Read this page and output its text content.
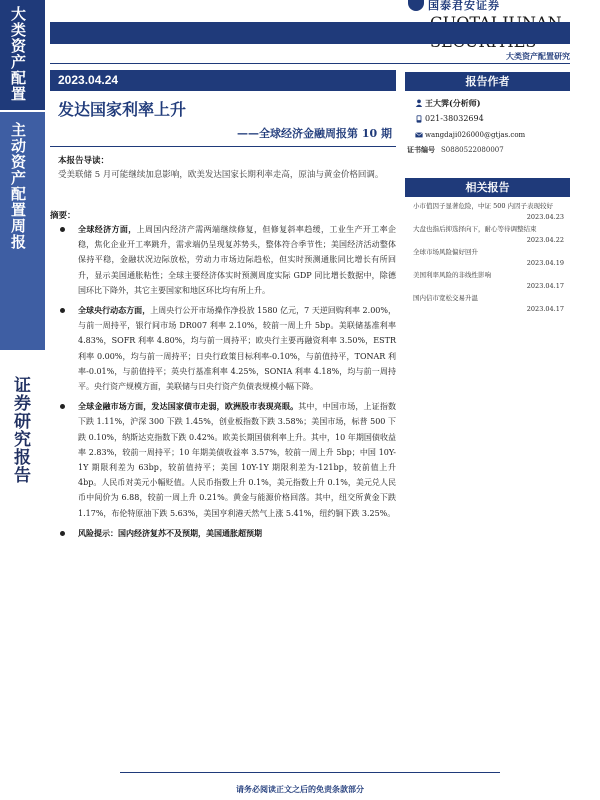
大类资产配置
主动资产配置周报
证券研究报告
国泰君安证券
大类资产配置研究
2023.04.24
发达国家利率上升
——全球经济金融周报第 10 期
本报告导读：
受美联储 5 月可能继续加息影响，欧美发达国家长期利率走高，原油与黄金价格回调。
摘要：
全球经济方面，上周国内经济产需两端继续修复，但修复斜率趋缓，工业生产开工率企稳，焦化企业开工率跳升，需求端仍呈现复苏势头，整体符合季节性；美国经济活动整体保持平稳，金融状况边际放松，劳动力市场边际趋松，但实时预测通胀同比增长有所回升，显示美国通胀粘性；全球主要经济体实时预测周度实际 GDP 同比增长数据中，除德国环比下降外，其它主要国家和地区环比均有所上升。
全球央行动态方面，上周央行公开市场操作净投放 1580 亿元，7 天逆回购利率 2.00%，与前一周持平，银行间市场 DR007 利率 2.10%，较前一周上升 5bp。美联储基准利率 4.83%，SOFR 利率 4.80%，均与前一周持平；欧央行主要再融资利率 3.50%，ESTR 利率 0.00%，均与前一周持平；日央行政策目标利率-0.10%，与前值持平，TONAR 利率-0.01%，与前值持平；英央行基准利率 4.25%，SONIA 利率 4.18%，均与前一周持平。央行资产规模方面，美联储与日央行资产负债表规模小幅下降。
全球金融市场方面，发达国家债市走弱，欧洲股市表现亮眼。其中，中国市场，上证指数下跌 1.11%，沪深 300 下跌 1.45%，创业板指数下跌 3.58%；美国市场，标普 500 下跌 0.10%，纳斯达克指数下跌 0.42%。欧美长期国债利率上升。其中，10 年期国债收益率 2.83%，较前一周持平；10 年期美债收益率 3.57%，较前一周上升 5bp；中国 10Y-1Y 期限利差为 63bp，较前值持平；美国 10Y-1Y 期限利差为-121bp，较前值上升 4bp。人民币对美元小幅贬值。人民币指数上升 0.1%，美元指数上升 0.1%，美元兑人民币中间价为 6.88，较前一周上升 0.21%。黄金与能源价格回落。其中，纽交所黄金下跌 1.17%，布伦特原油下跌 5.63%，美国亨利港天然气上涨 5.41%，纽约铜下跌 3.25%。
风险提示：国内经济复苏不及预期，美国通胀超预期
报告作者
王大霁(分析师)
021-38032694
wangdaji026000@gtjas.com
证书编号 S0880522080007
相关报告
小市值因子显著危险，中证 500 内因子表现较好
2023.04.23
大盘也指后抑选择向下，耐心等待调整结束
2023.04.22
全球市场风险偏好回升
2023.04.19
美国利率风险的非线性影响
2023.04.17
国内信市宽松交易升温
2023.04.17
请务必阅读正文之后的免责条款部分
